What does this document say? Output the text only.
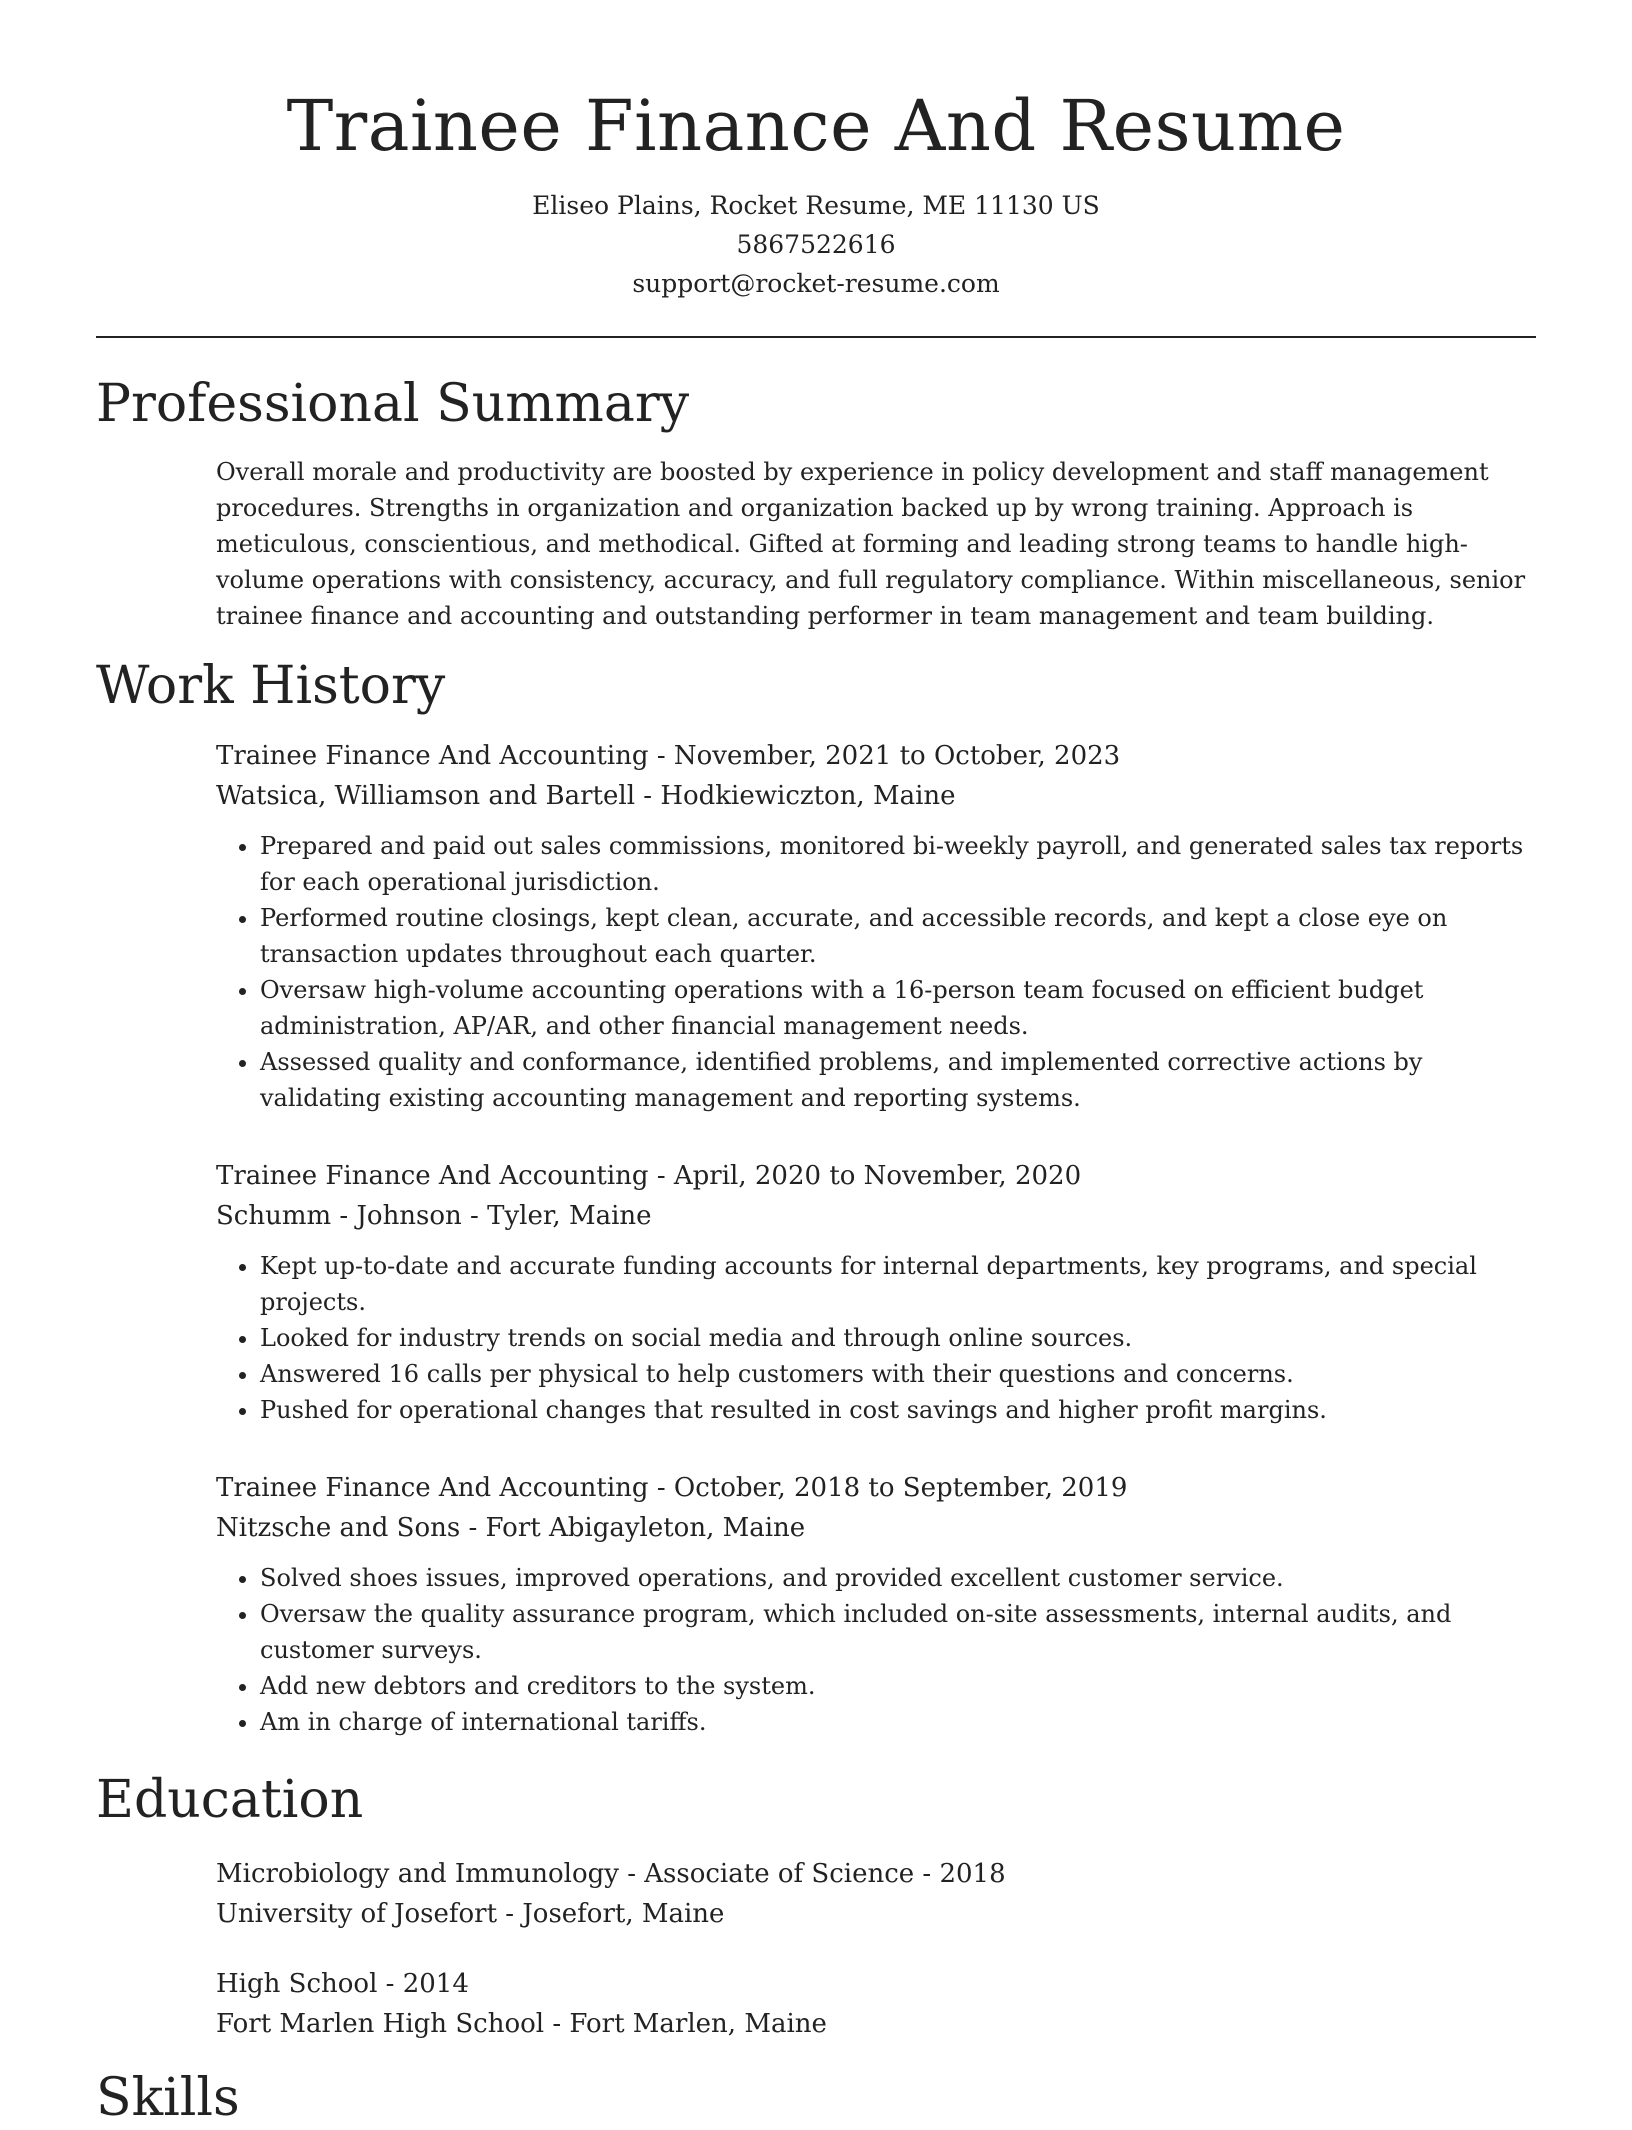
Trainee Finance And Resume
Eliseo Plains, Rocket Resume, ME 11130 US
5867522616
support@rocket-resume.com
Professional Summary

Overall morale and productivity are boosted by experience in policy development and staff management procedures. Strengths in organization and organization backed up by wrong training. Approach is meticulous, conscientious, and methodical. Gifted at forming and leading strong teams to handle high-volume operations with consistency, accuracy, and full regulatory compliance. Within miscellaneous, senior trainee finance and accounting and outstanding performer in team management and team building.

Work History
Trainee Finance And Accounting - November, 2021 to October, 2023
Watsica, Williamson and Bartell - Hodkiewiczton, Maine
• Prepared and paid out sales commissions, monitored bi-weekly payroll, and generated sales tax reports for each operational jurisdiction.
• Performed routine closings, kept clean, accurate, and accessible records, and kept a close eye on transaction updates throughout each quarter.
• Oversaw high-volume accounting operations with a 16-person team focused on efficient budget administration, AP/AR, and other financial management needs.
• Assessed quality and conformance, identified problems, and implemented corrective actions by validating existing accounting management and reporting systems.
Trainee Finance And Accounting - April, 2020 to November, 2020
Schumm - Johnson - Tyler, Maine
• Kept up-to-date and accurate funding accounts for internal departments, key programs, and special projects.
• Looked for industry trends on social media and through online sources.
• Answered 16 calls per physical to help customers with their questions and concerns.
• Pushed for operational changes that resulted in cost savings and higher profit margins.
Trainee Finance And Accounting - October, 2018 to September, 2019
Nitzsche and Sons - Fort Abigayleton, Maine
• Solved shoes issues, improved operations, and provided excellent customer service.
• Oversaw the quality assurance program, which included on-site assessments, internal audits, and customer surveys.
• Add new debtors and creditors to the system.
• Am in charge of international tariffs.
Education
Microbiology and Immunology - Associate of Science - 2018
University of Josefort - Josefort, Maine
High School - 2014
Fort Marlen High School - Fort Marlen, Maine
Skills
